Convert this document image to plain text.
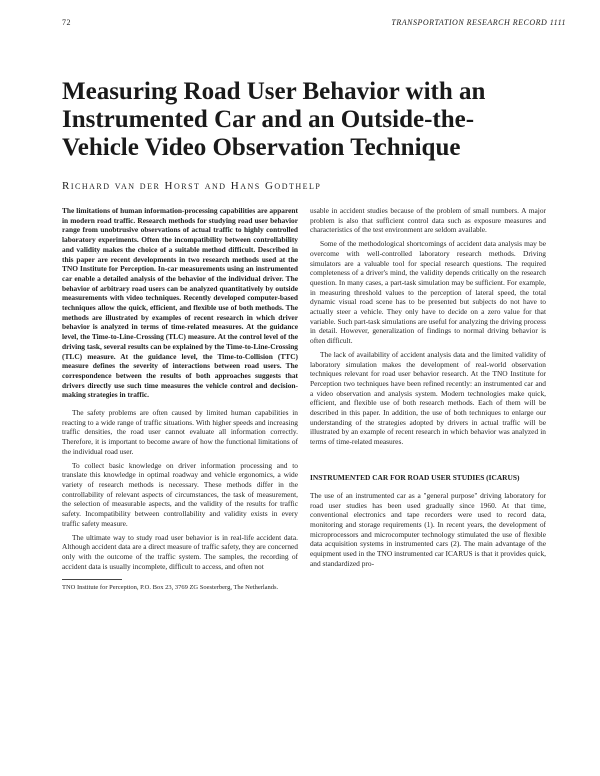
72	TRANSPORTATION RESEARCH RECORD 1111
Measuring Road User Behavior with an Instrumented Car and an Outside-the-Vehicle Video Observation Technique
Richard van der Horst and Hans Godthelp

The limitations of human information-processing capabilities are apparent in modern road traffic. Research methods for studying road user behavior range from unobtrusive observations of actual traffic to highly controlled laboratory experiments. Often the incompatibility between controllability and validity makes the choice of a suitable method difficult. Described in this paper are recent developments in two research methods used at the TNO Institute for Perception. In-car measurements using an instrumented car enable a detailed analysis of the behavior of the individual driver. The behavior of arbitrary road users can be analyzed quantitatively by outside measurements with video techniques. Recently developed computer-based techniques allow the quick, efficient, and flexible use of both methods. The methods are illustrated by examples of recent research in which driver behavior is analyzed in terms of time-related measures. At the guidance level, the Time-to-Line-Crossing (TLC) measure. At the control level of the driving task, several results can be explained by the Time-to-Line-Crossing (TLC) measure. At the guidance level, the Time-to-Collision (TTC) measure defines the severity of interactions between road users. The correspondence between the results of both approaches suggests that drivers directly use such time measures the vehicle control and decision-making strategies in traffic.

The safety problems are often caused by limited human capabilities in reacting to a wide range of traffic situations. With higher speeds and increasing traffic densities, the road user cannot evaluate all information correctly. Therefore, it is important to become aware of how the functional limitations of the individual road user.

To collect basic knowledge on driver information processing and to translate this knowledge in optimal roadway and vehicle ergonomics, a wide variety of research methods is necessary. These methods differ in the controllability of relevant aspects of circumstances, the task of measurement, the selection of measurable aspects, and the validity of the results for traffic safety. Incompatibility between controllability and validity exists in every traffic safety measure.

The ultimate way to study road user behavior is in real-life accident data. Although accident data are a direct measure of traffic safety, they are concerned only with the outcome of the traffic system. The samples, the recording of accident data is usually incomplete, difficult to access, and often not

TNO Institute for Perception, P.O. Box 23, 3769 ZG Soesterberg, The Netherlands.

usable in accident studies because of the problem of small numbers. A major problem is also that sufficient control data such as exposure measures and characteristics of the test environment are seldom available.

Some of the methodological shortcomings of accident data analysis may be overcome with well-controlled laboratory research methods. Driving simulators are a valuable tool for special research questions. The required completeness of a driver's mind, the validity depends critically on the research question. In many cases, a part-task simulation may be sufficient. For example, in measuring threshold values to the perception of lateral speed, the total dynamic visual road scene has to be presented but subjects do not have to actually steer a vehicle. They only have to decide on a zero value for that variable. Such part-task simulations are useful for analyzing the driving process in detail. However, generalization of findings to normal driving behavior is often difficult.

The lack of availability of accident analysis data and the limited validity of laboratory simulation makes the development of real-world observation techniques relevant for road user behavior research. At the TNO Institute for Perception two techniques have been refined recently: an instrumented car and a video observation and analysis system. Modern technologies make quick, efficient, and flexible use of both research methods. Each of them will be described in this paper. In addition, the use of both techniques to enlarge our understanding of the strategies adopted by drivers in actual traffic will be illustrated by an example of recent research in which behavior was analyzed in terms of time-related measures.

INSTRUMENTED CAR FOR ROAD USER STUDIES (ICARUS)

The use of an instrumented car as a "general purpose" driving laboratory for road user studies has been used gradually since 1960. At that time, conventional electronics and tape recorders were used to record data, monitoring and storage requirements (1). In recent years, the development of microprocessors and microcomputer technology stimulated the use of flexible data acquisition systems in instrumented cars (2). The main advantage of the equipment used in the TNO instrumented car ICARUS is that it provides quick, and standardized pro-
